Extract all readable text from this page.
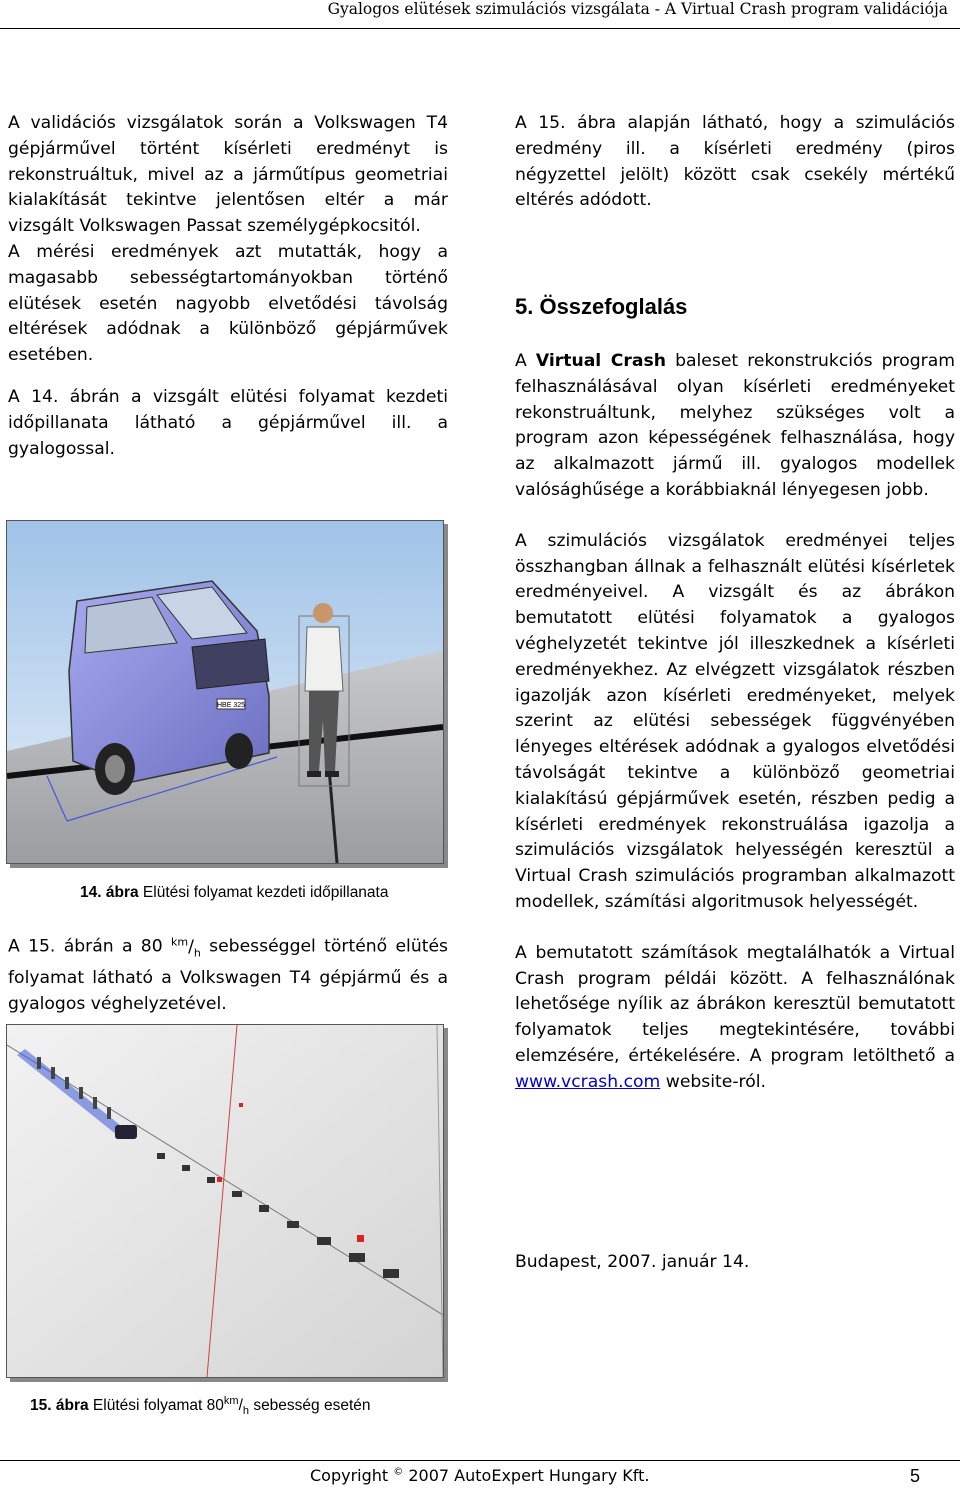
Gyalogos elütések szimulációs vizsgálata - A Virtual Crash program validációja

A validációs vizsgálatok során a Volkswagen T4 gépjárművel történt kísérleti eredményt is rekonstruáltuk, mivel az a járműtípus geometriai kialakítását tekintve jelentősen eltér a már vizsgált Volkswagen Passat személygépkocsitól.

A mérési eredmények azt mutatták, hogy a magasabb sebességtartományokban történő elütések esetén nagyobb elvetődési távolság eltérések adódnak a különböző gépjárművek esetében.

A 14. ábrán a vizsgált elütési folyamat kezdeti időpillanata látható a gépjárművel ill. a gyalogossal.

HBE 325
14. ábra Elütési folyamat kezdeti időpillanata

A 15. ábrán a 80 $^{km}/_h$ sebességgel történő elütés folyamat látható a Volkswagen T4 gépjármű és a gyalogos véghelyzetével.

15. ábra Elütési folyamat $80^{km}/_h$ sebesség esetén

A 15. ábra alapján látható, hogy a szimulációs eredmény ill. a kísérleti eredmény (piros négyzettel jelölt) között csak csekély mértékű eltérés adódott.

5. Összefoglalás

A Virtual Crash baleset rekonstrukciós program felhasználásával olyan kísérleti eredményeket rekonstruáltunk, melyhez szükséges volt a program azon képességének felhasználása, hogy az alkalmazott jármű ill. gyalogos modellek valósághűsége a korábbiaknál lényegesen jobb.

A szimulációs vizsgálatok eredményei teljes összhangban állnak a felhasznált elütési kísérletek eredményeivel. A vizsgált és az ábrákon bemutatott elütési folyamatok a gyalogos véghelyzetét tekintve jól illeszkednek a kísérleti eredményekhez. Az elvégzett vizsgálatok részben igazolják azon kísérleti eredményeket, melyek szerint az elütési sebességek függvényében lényeges eltérések adódnak a gyalogos elvetődési távolságát tekintve a különböző geometriai kialakítású gépjárművek esetén, részben pedig a kísérleti eredmények rekonstruálása igazolja a szimulációs vizsgálatok helyességén keresztül a Virtual Crash szimulációs programban alkalmazott modellek, számítási algoritmusok helyességét.

A bemutatott számítások megtalálhatók a Virtual Crash program példái között. A felhasználónak lehetősége nyílik az ábrákon keresztül bemutatott folyamatok teljes megtekintésére, további elemzésére, értékelésére. A program letölthető a www.vcrash.com website-ról.

Budapest, 2007. január 14.

Copyright © 2007 AutoExpert Hungary Kft.	5
